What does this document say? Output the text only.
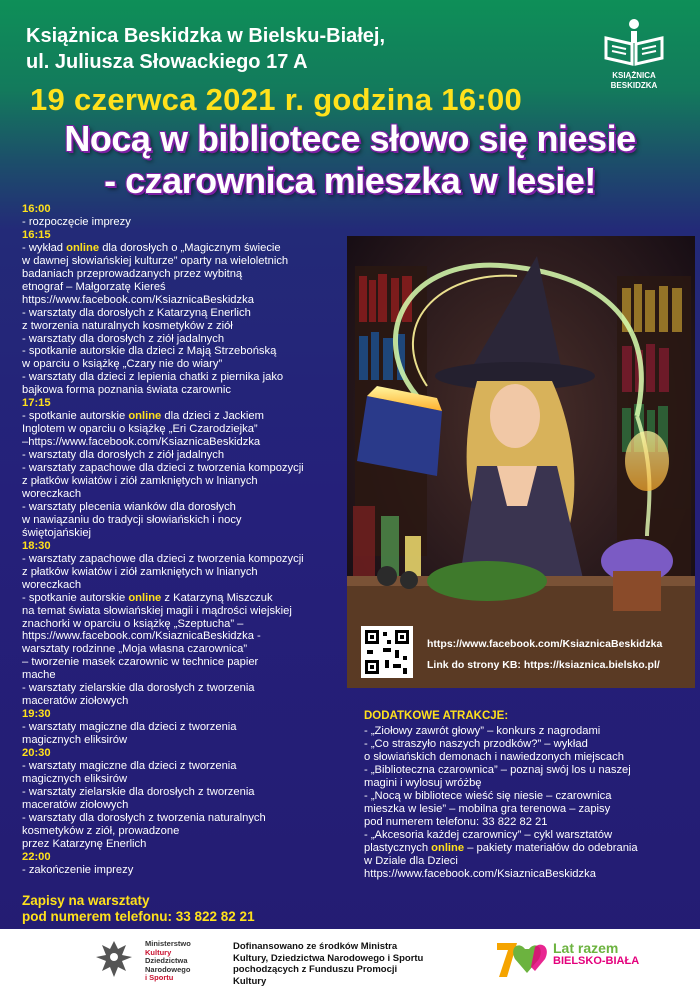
Książnica Beskidzka w Bielsku-Białej,
ul. Juliusza Słowackiego 17 A
19 czerwca 2021 r. godzina 16:00
Nocą w bibliotece słowo się niesie
- czarownica mieszka w lesie!
KSIĄŻNICA
BESKIDZKA
16:00
- rozpoczęcie imprezy
16:15
- wykład online dla dorosłych o „Magicznym świecie
w dawnej słowiańskiej kulturze” oparty na wieloletnich
badaniach przeprowadzanych przez wybitną
etnograf – Małgorzatę Kiereś
https://www.facebook.com/KsiaznicaBeskidzka
- warsztaty dla dorosłych z Katarzyną Enerlich
z tworzenia naturalnych kosmetyków z ziół
- warsztaty dla dorosłych z ziół jadalnych
- spotkanie autorskie dla dzieci z Mają Strzebońską
w oparciu o książkę „Czary nie do wiary”
- warsztaty dla dzieci z lepienia chatki z piernika jako
bajkowa forma poznania świata czarownic
17:15
- spotkanie autorskie online dla dzieci z Jackiem
Inglotem w oparciu o książkę „Eri Czarodziejka”
–https://www.facebook.com/KsiaznicaBeskidzka
- warsztaty dla dorosłych z ziół jadalnych
- warsztaty zapachowe dla dzieci z tworzenia kompozycji
z płatków kwiatów i ziół zamkniętych w lnianych
woreczkach
- warsztaty plecenia wianków dla dorosłych
w nawiązaniu do tradycji słowiańskich i nocy
świętojańskiej
18:30
- warsztaty zapachowe dla dzieci z tworzenia kompozycji
z płatków kwiatów i ziół zamkniętych w lnianych
woreczkach
- spotkanie autorskie online z Katarzyną Miszczuk
na temat świata słowiańskiej magii i mądrości wiejskiej
znachorki w oparciu o książkę „Szeptucha” –
https://www.facebook.com/KsiaznicaBeskidzka -
warsztaty rodzinne „Moja własna czarownica”
– tworzenie masek czarownic w technice papier
mache
- warsztaty zielarskie dla dorosłych z tworzenia
maceratów ziołowych
19:30
- warsztaty magiczne dla dzieci z tworzenia
magicznych eliksirów
20:30
- warsztaty magiczne dla dzieci z tworzenia
magicznych eliksirów
- warsztaty zielarskie dla dorosłych z tworzenia
maceratów ziołowych
- warsztaty dla dorosłych z tworzenia naturalnych
kosmetyków z ziół, prowadzone
przez Katarzynę Enerlich
22:00
- zakończenie imprezy
https://www.facebook.com/KsiaznicaBeskidzka
Link do strony KB: https://ksiaznica.bielsko.pl/
DODATKOWE ATRAKCJE:
- „Ziołowy zawrót głowy” – konkurs z nagrodami
- „Co straszyło naszych przodków?” – wykład
o słowiańskich demonach i nawiedzonych miejscach
- „Biblioteczna czarownica” – poznaj swój los u naszej
magini i wylosuj wróżbę
- „Nocą w bibliotece wieść się niesie – czarownica
mieszka w lesie” – mobilna gra terenowa – zapisy
pod numerem telefonu: 33 822 82 21
- „Akcesoria każdej czarownicy” – cykl warsztatów
plastycznych online – pakiety materiałów do odebrania
w Dziale dla Dzieci
https://www.facebook.com/KsiaznicaBeskidzka
Zapisy na warsztaty
pod numerem telefonu: 33 822 82 21
Ministerstwo
Kultury
Dziedzictwa
Narodowego
i Sportu
Dofinansowano ze środków Ministra Kultury, Dziedzictwa Narodowego i Sportu pochodzących z Funduszu Promocji Kultury
Lat razem
BIELSKO-BIAŁA
